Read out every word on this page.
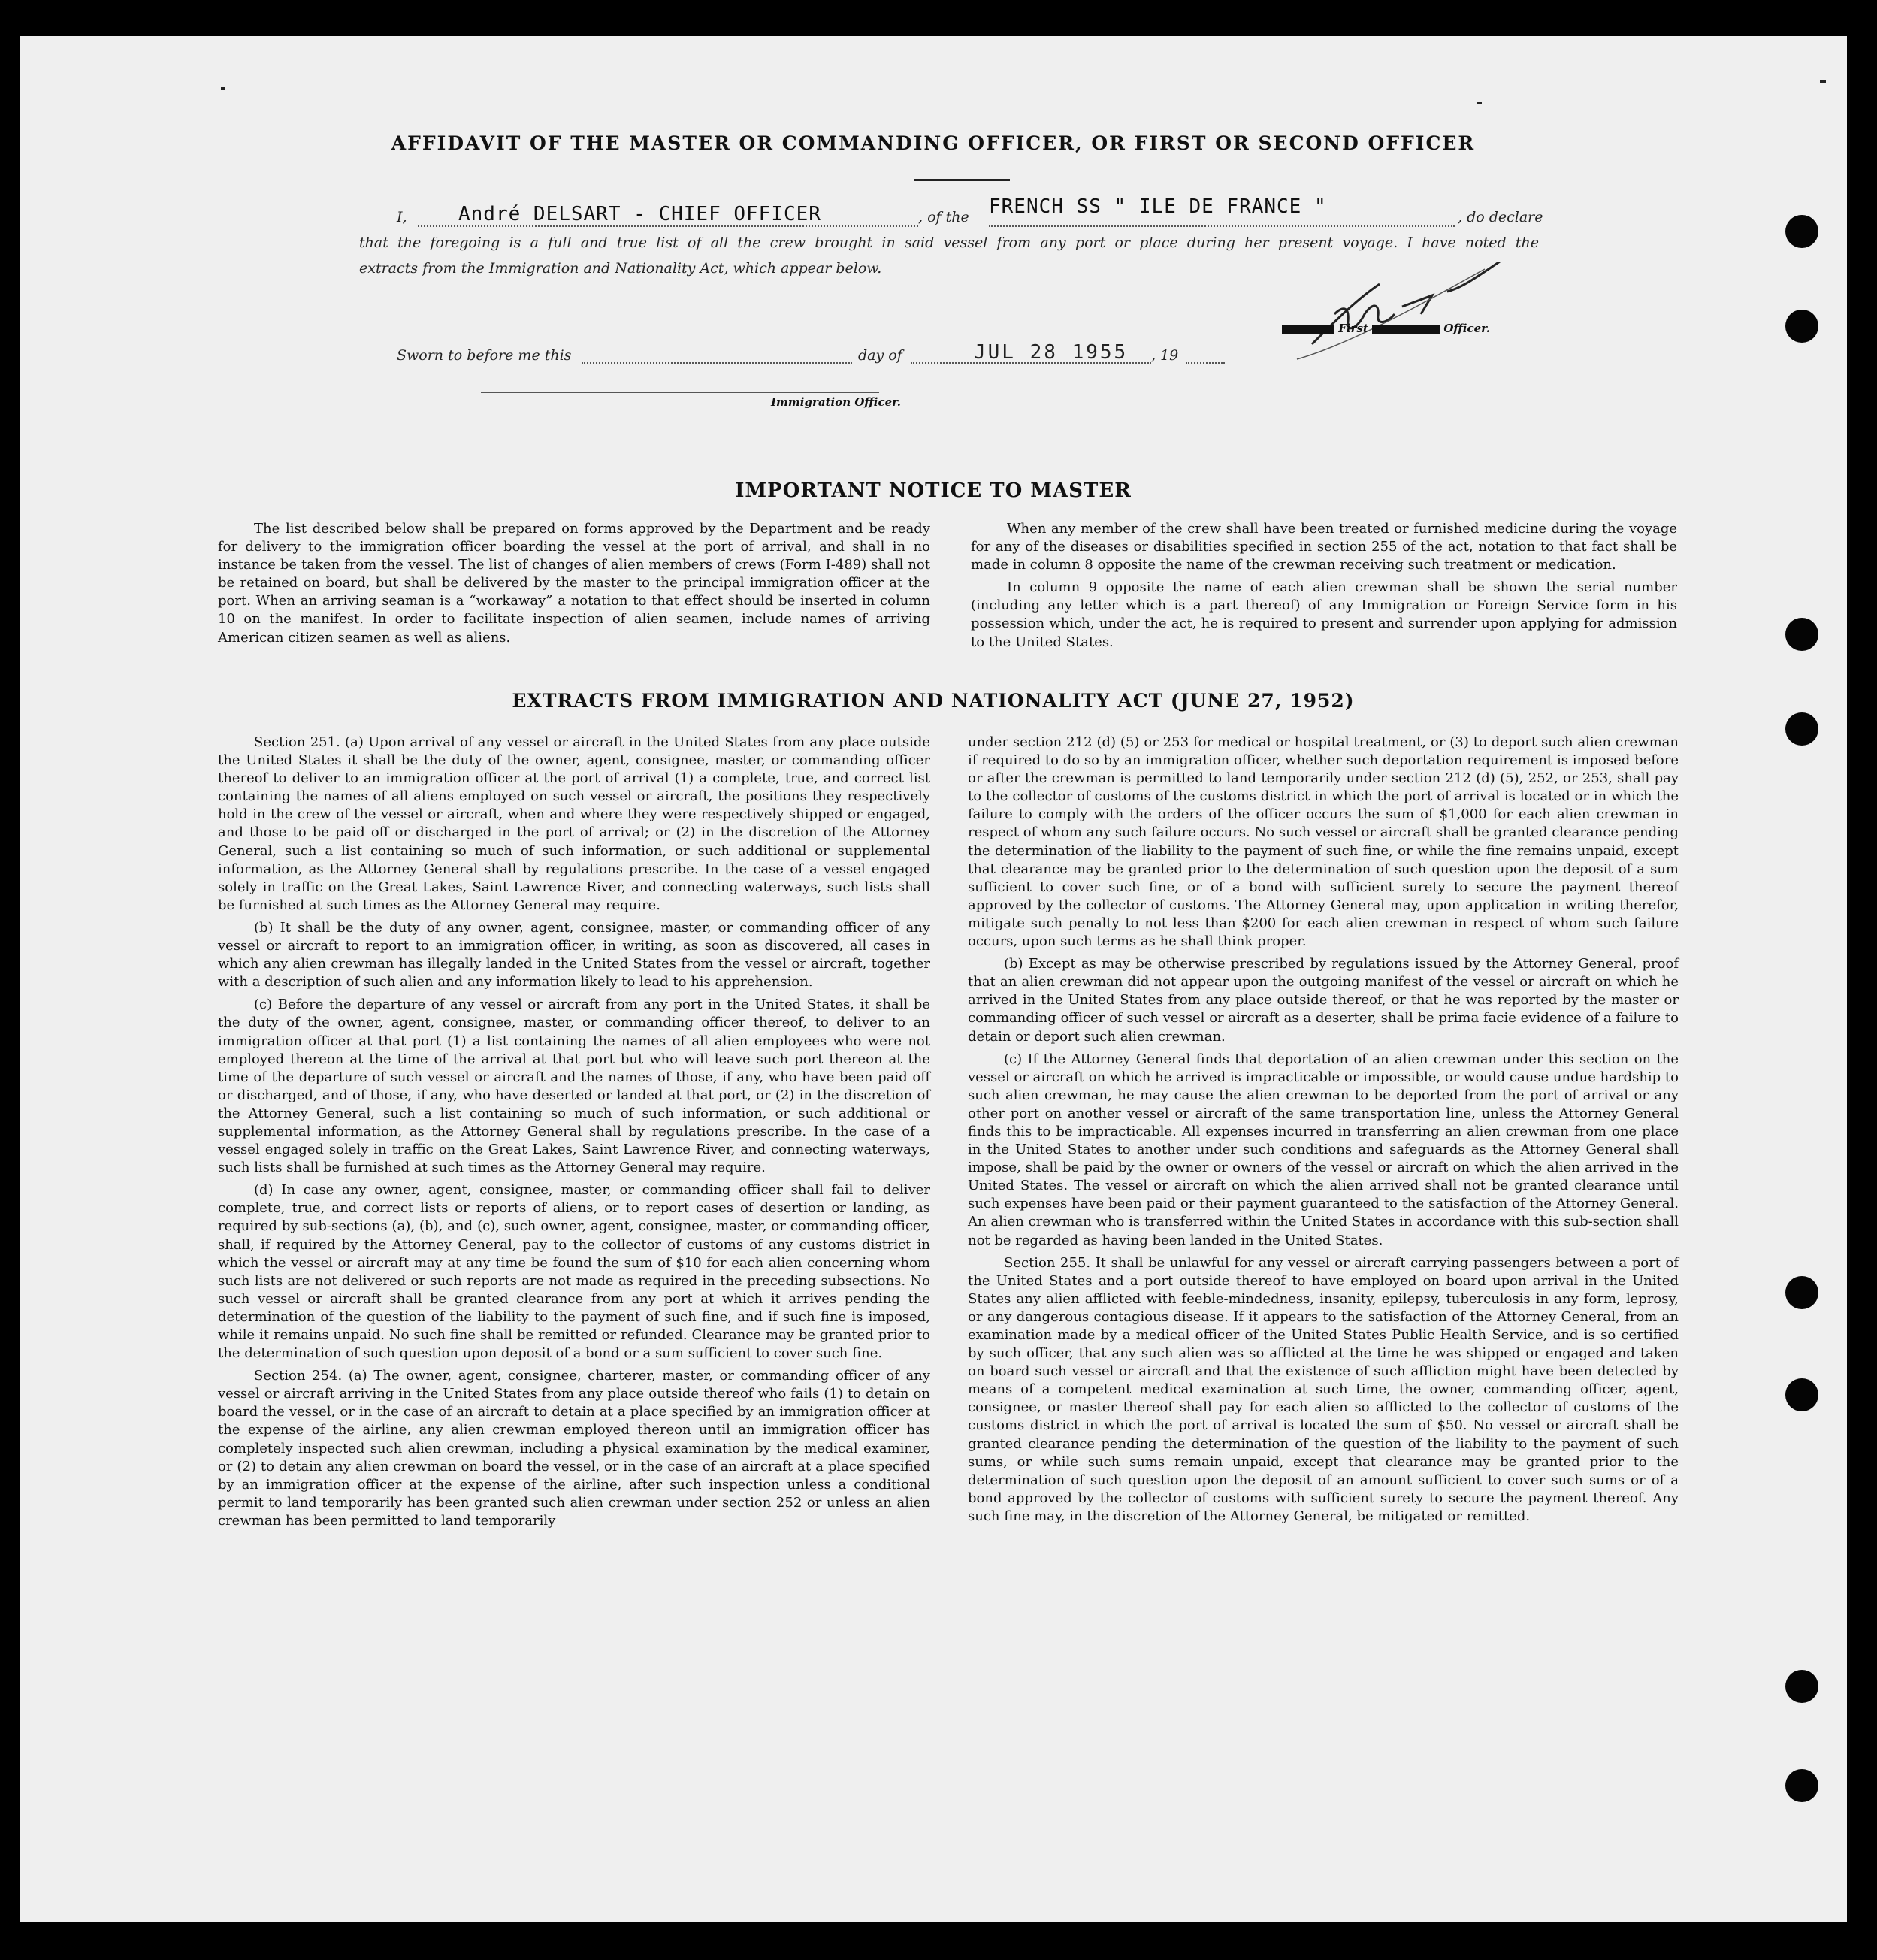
AFFIDAVIT OF THE MASTER OR COMMANDING OFFICER, OR FIRST OR SECOND OFFICER
I,	André DELSART - CHIEF OFFICER	, of the FRENCH SS " ILE DE FRANCE "	, do declare
that the foregoing is a full and true list of all the crew brought in said vessel from any port or place during her present voyage. I have noted the
extracts from the Immigration and Nationality Act, which appear below.
First	Officer.
Sworn to before me this	day of	JUL 28 1955 , 19
Immigration Officer.
IMPORTANT NOTICE TO MASTER

The list described below shall be prepared on forms approved by the Department and be ready for delivery to the immigration officer boarding the vessel at the port of arrival, and shall in no instance be taken from the vessel. The list of changes of alien members of crews (Form I-489) shall not be retained on board, but shall be delivered by the master to the principal immigration officer at the port. When an arriving seaman is a “workaway” a notation to that effect should be inserted in column 10 on the manifest. In order to facilitate inspection of alien seamen, include names of arriving American citizen seamen as well as aliens.

When any member of the crew shall have been treated or furnished medicine during the voyage for any of the diseases or disabilities specified in section 255 of the act, notation to that fact shall be made in column 8 opposite the name of the crewman receiving such treatment or medication.

In column 9 opposite the name of each alien crewman shall be shown the serial number (including any letter which is a part thereof) of any Immigration or Foreign Service form in his possession which, under the act, he is required to present and surrender upon applying for admission to the United States.

EXTRACTS FROM IMMIGRATION AND NATIONALITY ACT (JUNE 27, 1952)

Section 251. (a) Upon arrival of any vessel or aircraft in the United States from any place outside the United States it shall be the duty of the owner, agent, consignee, master, or commanding officer thereof to deliver to an immigration officer at the port of arrival (1) a complete, true, and correct list containing the names of all aliens employed on such vessel or aircraft, the positions they respectively hold in the crew of the vessel or aircraft, when and where they were respectively shipped or engaged, and those to be paid off or discharged in the port of arrival; or (2) in the discretion of the Attorney General, such a list containing so much of such information, or such additional or supplemental information, as the Attorney General shall by regulations prescribe. In the case of a vessel engaged solely in traffic on the Great Lakes, Saint Lawrence River, and connecting waterways, such lists shall be furnished at such times as the Attorney General may require.

(b) It shall be the duty of any owner, agent, consignee, master, or commanding officer of any vessel or aircraft to report to an immigration officer, in writing, as soon as discovered, all cases in which any alien crewman has illegally landed in the United States from the vessel or aircraft, together with a description of such alien and any information likely to lead to his apprehension.

(c) Before the departure of any vessel or aircraft from any port in the United States, it shall be the duty of the owner, agent, consignee, master, or commanding officer thereof, to deliver to an immigration officer at that port (1) a list containing the names of all alien employees who were not employed thereon at the time of the arrival at that port but who will leave such port thereon at the time of the departure of such vessel or aircraft and the names of those, if any, who have been paid off or discharged, and of those, if any, who have deserted or landed at that port, or (2) in the discretion of the Attorney General, such a list containing so much of such information, or such additional or supplemental information, as the Attorney General shall by regulations prescribe. In the case of a vessel engaged solely in traffic on the Great Lakes, Saint Lawrence River, and connecting waterways, such lists shall be furnished at such times as the Attorney General may require.

(d) In case any owner, agent, consignee, master, or commanding officer shall fail to deliver complete, true, and correct lists or reports of aliens, or to report cases of desertion or landing, as required by sub-sections (a), (b), and (c), such owner, agent, consignee, master, or commanding officer, shall, if required by the Attorney General, pay to the collector of customs of any customs district in which the vessel or aircraft may at any time be found the sum of $10 for each alien concerning whom such lists are not delivered or such reports are not made as required in the preceding subsections. No such vessel or aircraft shall be granted clearance from any port at which it arrives pending the determination of the question of the liability to the payment of such fine, and if such fine is imposed, while it remains unpaid. No such fine shall be remitted or refunded. Clearance may be granted prior to the determination of such question upon deposit of a bond or a sum sufficient to cover such fine.

Section 254. (a) The owner, agent, consignee, charterer, master, or commanding officer of any vessel or aircraft arriving in the United States from any place outside thereof who fails (1) to detain on board the vessel, or in the case of an aircraft to detain at a place specified by an immigration officer at the expense of the airline, any alien crewman employed thereon until an immigration officer has completely inspected such alien crewman, including a physical examination by the medical examiner, or (2) to detain any alien crewman on board the vessel, or in the case of an aircraft at a place specified by an immigration officer at the expense of the airline, after such inspection unless a conditional permit to land temporarily has been granted such alien crewman under section 252 or unless an alien crewman has been permitted to land temporarily

under section 212 (d) (5) or 253 for medical or hospital treatment, or (3) to deport such alien crewman if required to do so by an immigration officer, whether such deportation requirement is imposed before or after the crewman is permitted to land temporarily under section 212 (d) (5), 252, or 253, shall pay to the collector of customs of the customs district in which the port of arrival is located or in which the failure to comply with the orders of the officer occurs the sum of $1,000 for each alien crewman in respect of whom any such failure occurs. No such vessel or aircraft shall be granted clearance pending the determination of the liability to the payment of such fine, or while the fine remains unpaid, except that clearance may be granted prior to the determination of such question upon the deposit of a sum sufficient to cover such fine, or of a bond with sufficient surety to secure the payment thereof approved by the collector of customs. The Attorney General may, upon application in writing therefor, mitigate such penalty to not less than $200 for each alien crewman in respect of whom such failure occurs, upon such terms as he shall think proper.

(b) Except as may be otherwise prescribed by regulations issued by the Attorney General, proof that an alien crewman did not appear upon the outgoing manifest of the vessel or aircraft on which he arrived in the United States from any place outside thereof, or that he was reported by the master or commanding officer of such vessel or aircraft as a deserter, shall be prima facie evidence of a failure to detain or deport such alien crewman.

(c) If the Attorney General finds that deportation of an alien crewman under this section on the vessel or aircraft on which he arrived is impracticable or impossible, or would cause undue hardship to such alien crewman, he may cause the alien crewman to be deported from the port of arrival or any other port on another vessel or aircraft of the same transportation line, unless the Attorney General finds this to be impracticable. All expenses incurred in transferring an alien crewman from one place in the United States to another under such conditions and safeguards as the Attorney General shall impose, shall be paid by the owner or owners of the vessel or aircraft on which the alien arrived in the United States. The vessel or aircraft on which the alien arrived shall not be granted clearance until such expenses have been paid or their payment guaranteed to the satisfaction of the Attorney General. An alien crewman who is transferred within the United States in accordance with this sub-section shall not be regarded as having been landed in the United States.

Section 255. It shall be unlawful for any vessel or aircraft carrying passengers between a port of the United States and a port outside thereof to have employed on board upon arrival in the United States any alien afflicted with feeble-mindedness, insanity, epilepsy, tuberculosis in any form, leprosy, or any dangerous contagious disease. If it appears to the satisfaction of the Attorney General, from an examination made by a medical officer of the United States Public Health Service, and is so certified by such officer, that any such alien was so afflicted at the time he was shipped or engaged and taken on board such vessel or aircraft and that the existence of such affliction might have been detected by means of a competent medical examination at such time, the owner, commanding officer, agent, consignee, or master thereof shall pay for each alien so afflicted to the collector of customs of the customs district in which the port of arrival is located the sum of $50. No vessel or aircraft shall be granted clearance pending the determination of the question of the liability to the payment of such sums, or while such sums remain unpaid, except that clearance may be granted prior to the determination of such question upon the deposit of an amount sufficient to cover such sums or of a bond approved by the collector of customs with sufficient surety to secure the payment thereof. Any such fine may, in the discretion of the Attorney General, be mitigated or remitted.
